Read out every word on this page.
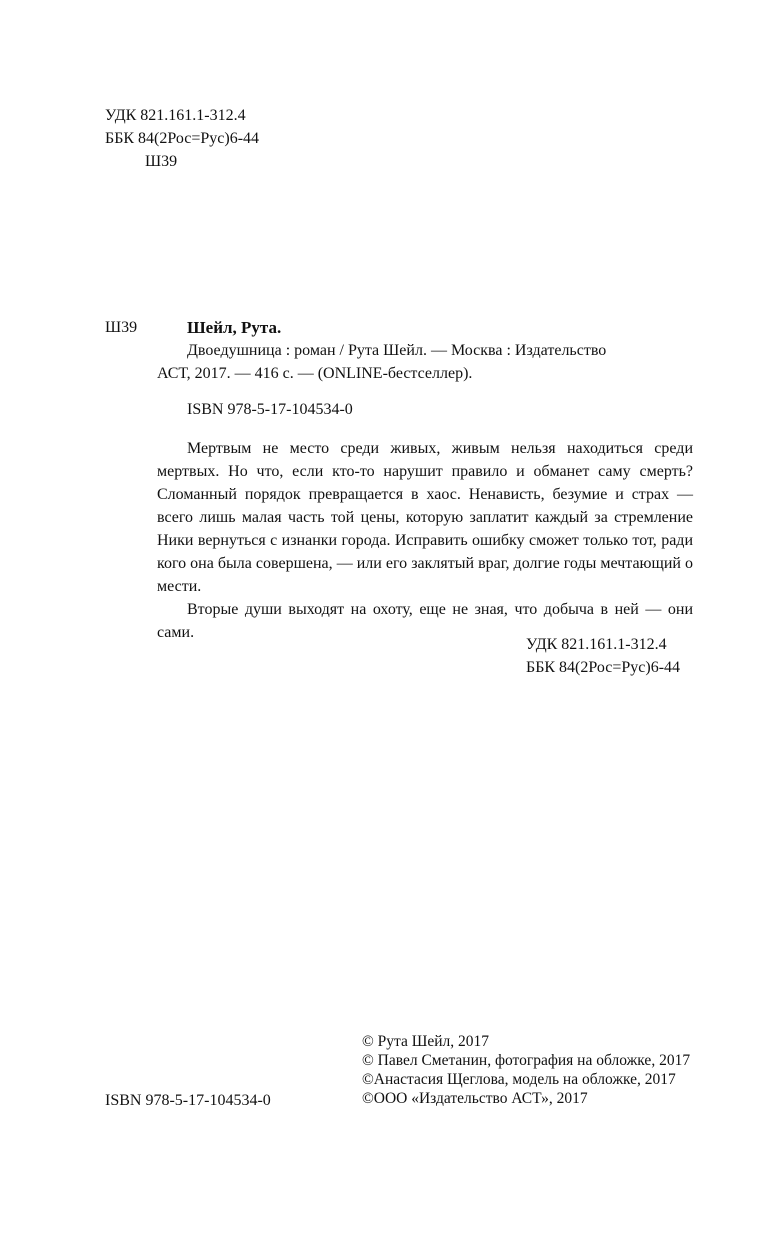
УДК 821.161.1-312.4
ББК 84(2Рос=Рус)6-44
Ш39
Ш39	Шейл, Рута.
Двоедушница : роман / Рута Шейл. — Москва : Издательство
АСТ, 2017. — 416 с. — (ONLINE-бестселлер).
ISBN 978-5-17-104534-0

Мертвым не место среди живых, живым нельзя находиться среди мертвых. Но что, если кто-то нарушит правило и обманет саму смерть? Сломанный порядок превращается в хаос. Ненависть, безумие и страх — всего лишь малая часть той цены, которую заплатит каждый за стремление Ники вернуться с изнанки города. Исправить ошибку сможет только тот, ради кого она была совершена, — или его заклятый враг, долгие годы мечтающий о мести.

Вторые души выходят на охоту, еще не зная, что добыча в ней — они сами.

УДК 821.161.1-312.4
ББК 84(2Рос=Рус)6-44
ISBN 978-5-17-104534-0
© Рута Шейл, 2017
© Павел Сметанин, фотография на обложке, 2017
©Анастасия Щеглова, модель на обложке, 2017
©ООО «Издательство АСТ», 2017
